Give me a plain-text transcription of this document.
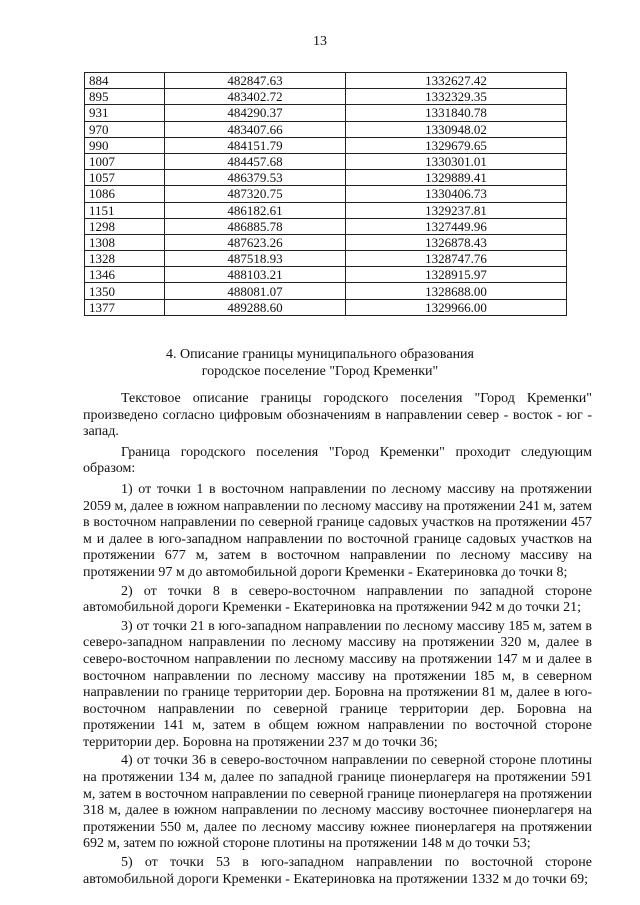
13
884	482847.63	1332627.42
895	483402.72	1332329.35
931	484290.37	1331840.78
970	483407.66	1330948.02
990	484151.79	1329679.65
1007	484457.68	1330301.01
1057	486379.53	1329889.41
1086	487320.75	1330406.73
1151	486182.61	1329237.81
1298	486885.78	1327449.96
1308	487623.26	1326878.43
1328	487518.93	1328747.76
1346	488103.21	1328915.97
1350	488081.07	1328688.00
1377	489288.60	1329966.00
4. Описание границы муниципального образования
городское поселение "Город Кременки"

Текстовое описание границы городского поселения "Город Кременки" произведено согласно цифровым обозначениям в направлении север - восток - юг - запад.

Граница городского поселения "Город Кременки" проходит следующим образом:

1) от точки 1 в восточном направлении по лесному массиву на протяжении 2059 м, далее в южном направлении по лесному массиву на протяжении 241 м, затем в восточном направлении по северной границе садовых участков на протяжении 457 м и далее в юго-западном направлении по восточной границе садовых участков на протяжении 677 м, затем в восточном направлении по лесному массиву на протяжении 97 м до автомобильной дороги Кременки - Екатериновка до точки 8;

2) от точки 8 в северо-восточном направлении по западной стороне автомобильной дороги Кременки - Екатериновка на протяжении 942 м до точки 21;

3) от точки 21 в юго-западном направлении по лесному массиву 185 м, затем в северо-западном направлении по лесному массиву на протяжении 320 м, далее в северо-восточном направлении по лесному массиву на протяжении 147 м и далее в восточном направлении по лесному массиву на протяжении 185 м, в северном направлении по границе территории дер. Боровна на протяжении 81 м, далее в юго-восточном направлении по северной границе территории дер. Боровна на протяжении 141 м, затем в общем южном направлении по восточной стороне территории дер. Боровна на протяжении 237 м до точки 36;

4) от точки 36 в северо-восточном направлении по северной стороне плотины на протяжении 134 м, далее по западной границе пионерлагеря на протяжении 591 м, затем в восточном направлении по северной границе пионерлагеря на протяжении 318 м, далее в южном направлении по лесному массиву восточнее пионерлагеря на протяжении 550 м, далее по лесному массиву южнее пионерлагеря на протяжении 692 м, затем по южной стороне плотины на протяжении 148 м до точки 53;

5) от точки 53 в юго-западном направлении по восточной стороне автомобильной дороги Кременки - Екатериновка на протяжении 1332 м до точки 69;
